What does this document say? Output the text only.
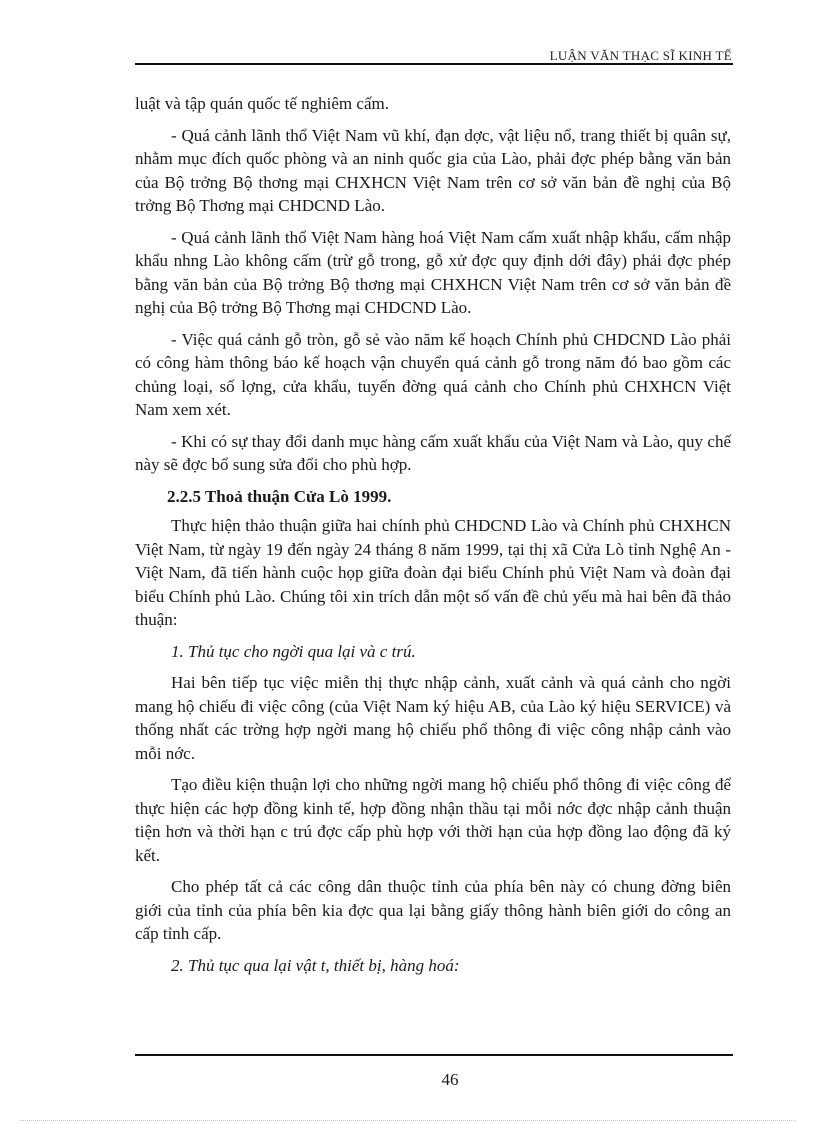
LUẬN VĂN THẠC SĨ KINH TẾ

luật và tập quán quốc tế nghiêm cấm.

- Quá cảnh lãnh thổ Việt Nam vũ khí, đạn dợc, vật liệu nổ, trang thiết bị quân sự, nhằm mục đích quốc phòng và an ninh quốc gia của Lào, phải đợc phép bằng văn bản của Bộ trởng Bộ thơng mại CHXHCN Việt Nam trên cơ sở văn bản đề nghị của Bộ trởng Bộ Thơng mại CHDCND Lào.

- Quá cảnh lãnh thổ Việt Nam hàng hoá Việt Nam cấm xuất nhập khẩu, cấm nhập khẩu nhng Lào không cấm (trừ gỗ trong, gỗ xử đợc quy định dới đây) phải đợc phép bằng văn bản của Bộ trởng Bộ thơng mại CHXHCN Việt Nam trên cơ sở văn bản đề nghị của Bộ trởng Bộ Thơng mại CHDCND Lào.

- Việc quá cảnh gỗ tròn, gỗ sẻ vào năm kế hoạch Chính phủ CHDCND Lào phải có công hàm thông báo kế hoạch vận chuyển quá cảnh gỗ trong năm đó bao gồm các chủng loại, số lợng, cửa khẩu, tuyến đờng quá cảnh cho Chính phủ CHXHCN Việt Nam xem xét.

- Khi có sự thay đổi danh mục hàng cấm xuất khẩu của Việt Nam và Lào, quy chế này sẽ đợc bổ sung sửa đổi cho phù hợp.

2.2.5 Thoả thuận Cửa Lò 1999.

Thực hiện thảo thuận giữa hai chính phủ CHDCND Lào và Chính phủ CHXHCN Việt Nam, từ ngày 19 đến ngày 24 tháng 8 năm 1999, tại thị xã Cửa Lò tỉnh Nghệ An - Việt Nam, đã tiến hành cuộc họp giữa đoàn đại biểu Chính phủ Việt Nam và đoàn đại biểu Chính phủ Lào. Chúng tôi xin trích dẫn một số vấn đề chủ yếu mà hai bên đã thảo thuận:

1. Thủ tục cho ngời qua lại và c trú.

Hai bên tiếp tục việc miễn thị thực nhập cảnh, xuất cảnh và quá cảnh cho ngời mang hộ chiếu đi việc công (của Việt Nam ký hiệu AB, của Lào ký hiệu SERVICE) và thống nhất các trờng hợp ngời mang hộ chiếu phổ thông đi việc công nhập cảnh vào mỗi nớc.

Tạo điều kiện thuận lợi cho những ngời mang hộ chiếu phổ thông đi việc công để thực hiện các hợp đồng kinh tế, hợp đồng nhận thầu tại mỗi nớc đợc nhập cảnh thuận tiện hơn và thời hạn c trú đợc cấp phù hợp với thời hạn của hợp đồng lao động đã ký kết.

Cho phép tất cả các công dân thuộc tỉnh của phía bên này có chung đờng biên giới của tỉnh của phía bên kia đợc qua lại bằng giấy thông hành biên giới do công an cấp tỉnh cấp.

2. Thủ tục qua lại vật t, thiết bị, hàng hoá:

46
